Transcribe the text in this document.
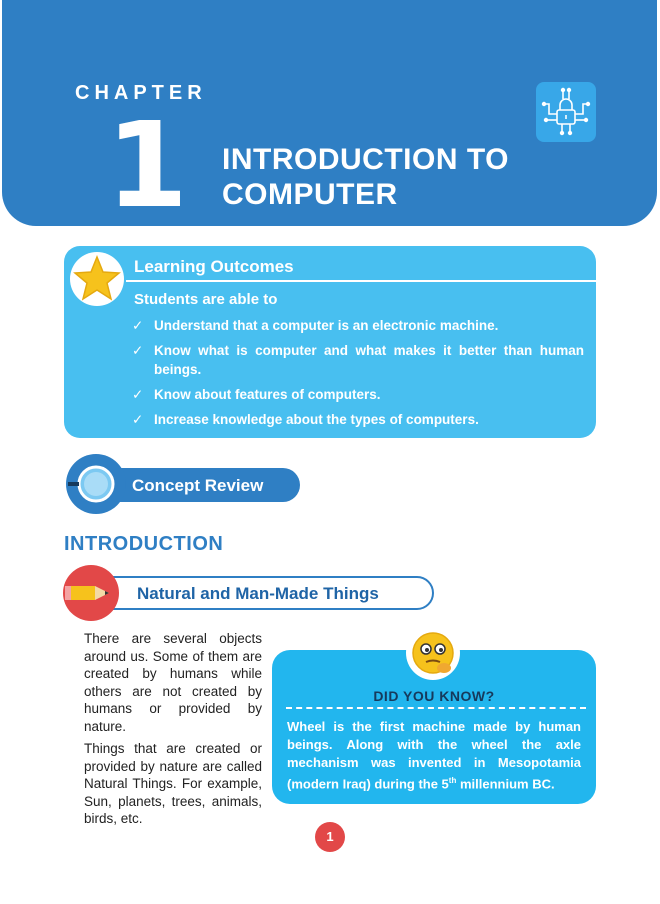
CHAPTER
1 INTRODUCTION TO
COMPUTER
Learning Outcomes
Students are able to
✓ Understand that a computer is an electronic machine.
✓ Know what is computer and what makes it better than human beings.
✓ Know about features of computers.
✓ Increase knowledge about the types of computers.
Concept Review
INTRODUCTION
Natural and Man-Made Things

There are several objects around us. Some of them are created by humans while others are not created by humans or provided by nature.

Things that are created or provided by nature are called Natural Things. For example, Sun, planets, trees, animals, birds, etc.

DID YOU KNOW?
Wheel is the first machine made by human beings. Along with the wheel the axle mechanism was invented in Mesopotamia (modern Iraq) during the 5th millennium BC.
1
